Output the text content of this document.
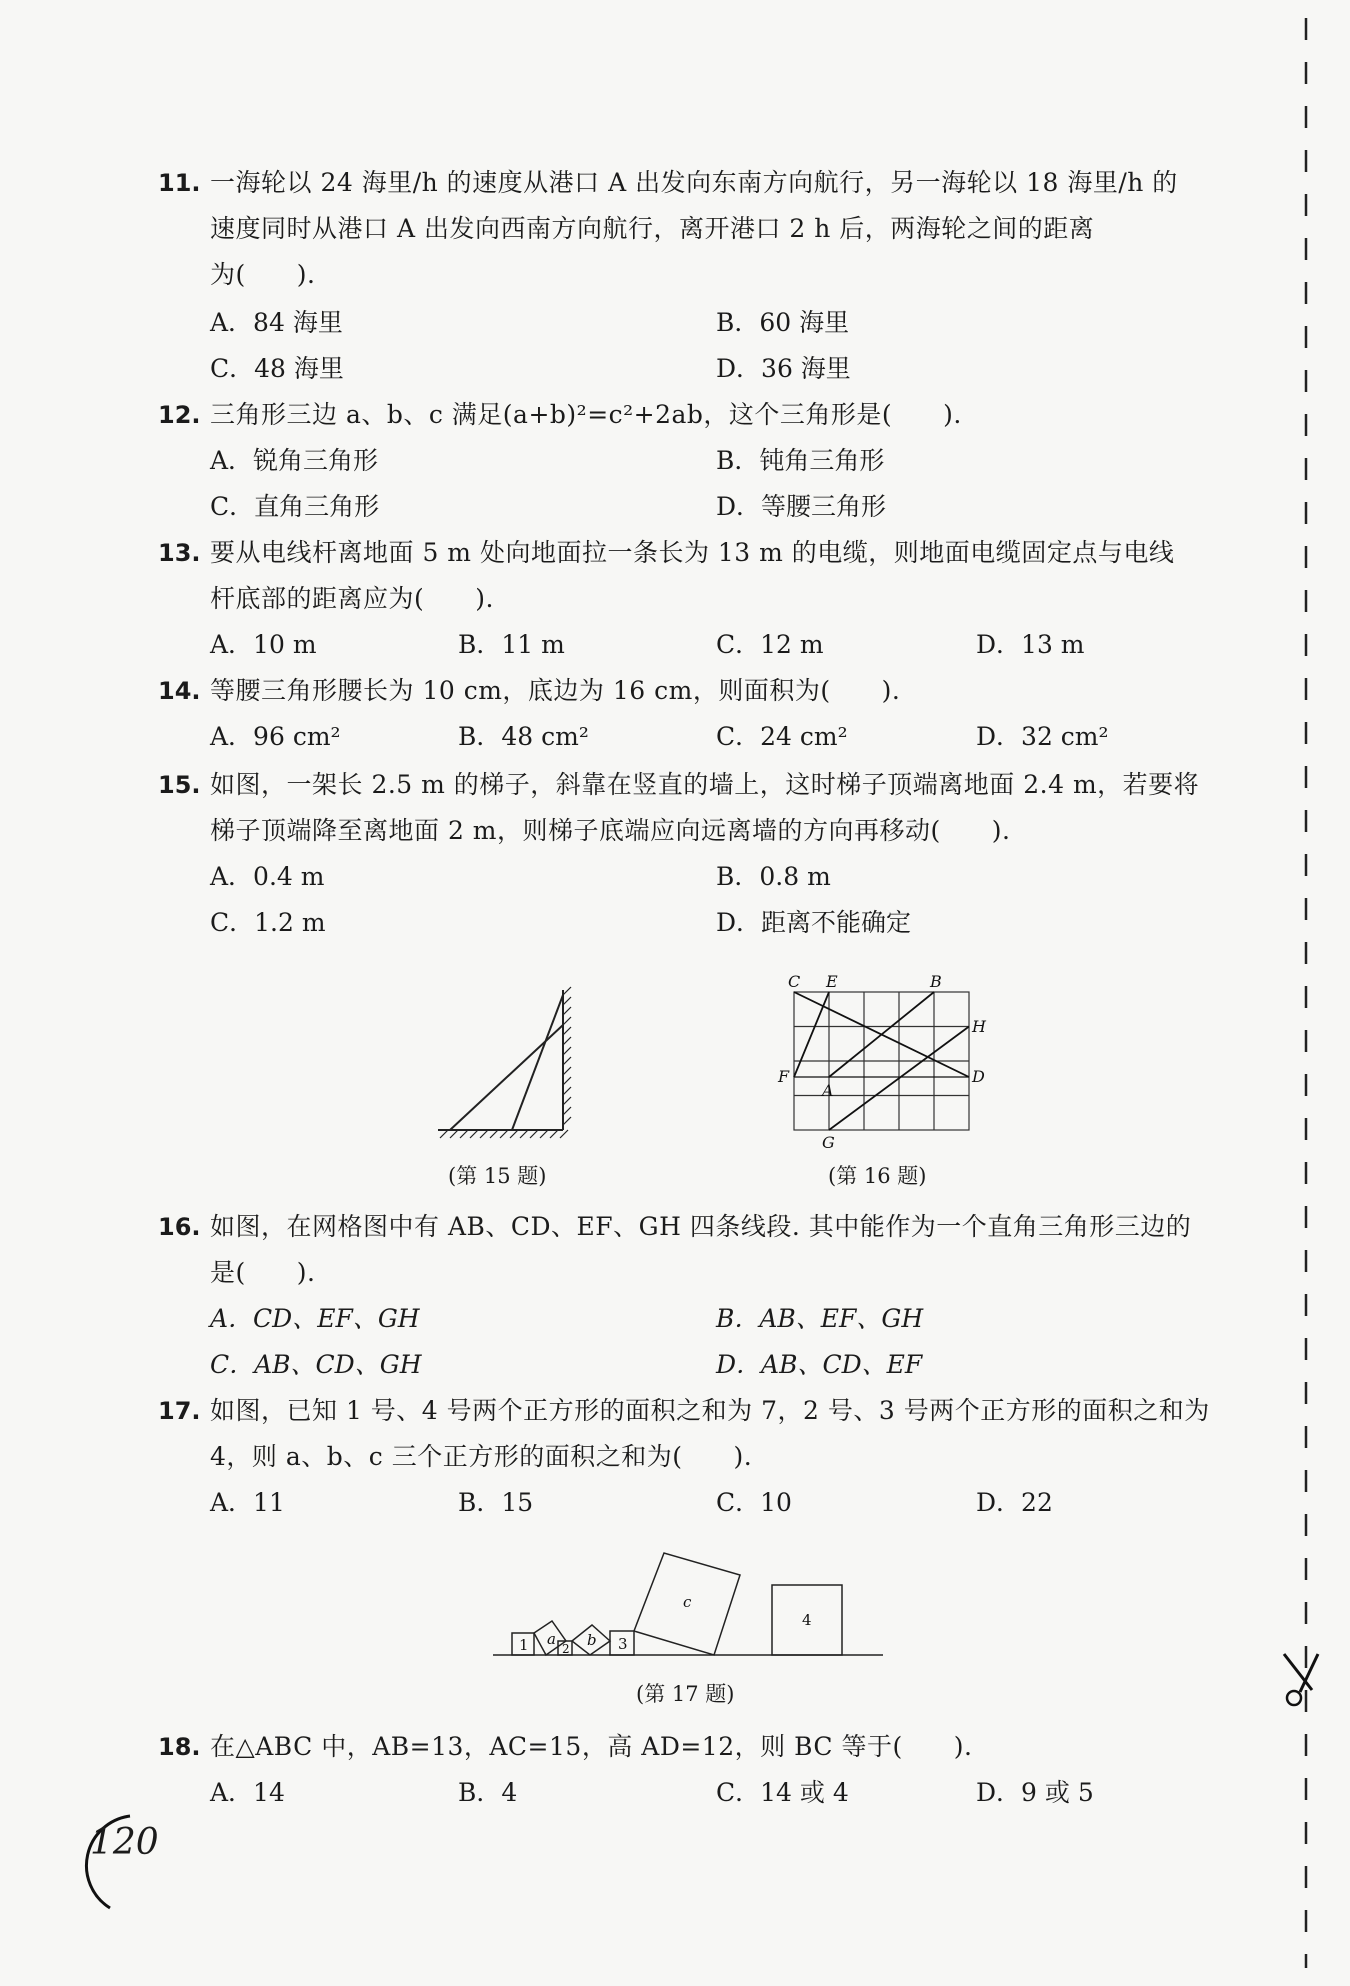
11. 一海轮以 24 海里/h 的速度从港口 A 出发向东南方向航行，另一海轮以 18 海里/h 的
速度同时从港口 A 出发向西南方向航行，离开港口 2 h 后，两海轮之间的距离
为(　　).
A．84 海里	B．60 海里
C．48 海里	D．36 海里
12. 三角形三边 a、b、c 满足(a+b)²=c²+2ab，这个三角形是(　　).
A．锐角三角形	B．钝角三角形
C．直角三角形	D．等腰三角形
13. 要从电线杆离地面 5 m 处向地面拉一条长为 13 m 的电缆，则地面电缆固定点与电线
杆底部的距离应为(　　).
A．10 m	B．11 m	C．12 m	D．13 m
14. 等腰三角形腰长为 10 cm，底边为 16 cm，则面积为(　　).
A．96 cm²	B．48 cm²	C．24 cm²	D．32 cm²
15. 如图，一架长 2.5 m 的梯子，斜靠在竖直的墙上，这时梯子顶端离地面 2.4 m，若要将
梯子顶端降至离地面 2 m，则梯子底端应向远离墙的方向再移动(　　).
A．0.4 m	B．0.8 m
C．1.2 m	D．距离不能确定
(第 15 题)
C E	B
H
D
F
A
G
(第 16 题)
16. 如图，在网格图中有 AB、CD、EF、GH 四条线段. 其中能作为一个直角三角形三边的
是(　　).
A．CD、EF、GH	B．AB、EF、GH
C．AB、CD、GH	D．AB、CD、EF
17. 如图，已知 1 号、4 号两个正方形的面积之和为 7，2 号、3 号两个正方形的面积之和为
4，则 a、b、c 三个正方形的面积之和为(　　).
A．11	B．15	C．10	D．22
1 a
2 b 3
c
4
(第 17 题)
18. 在△ABC 中，AB=13，AC=15，高 AD=12，则 BC 等于(　　).
A．14	B．4	C．14 或 4	D．9 或 5
120
